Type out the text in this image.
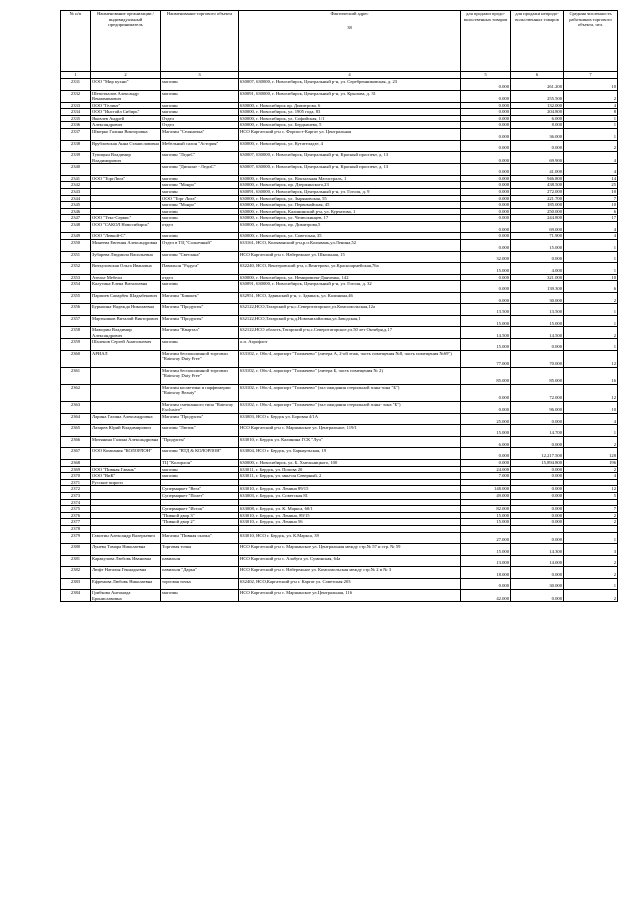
№ п/п	Наименование организации / индивидуальный предприниматель	Наименование торгового объекта	Фактический адрес
38	для продажи продо-вольственных товаров	для продажи непродо-вольственных товаров	Средняя численность работников торгового объекта, чел.
1	2	3	4	5	6	7
2331	ООО "Мир кухни"	магазин	630007, 630000, г. Новосибирск, Центральный р-н, ул. Серебренниковская, д. 23	0.000	261.200	10
2332	Шепоткалов Александр Вениаминович	магазин	630091, 630000, г. Новосибирск, Центральный р-н, ул. Крылова, д. 31	0.000	255.500	2
2333	ООО "Гелинт"	магазин	630000, г. Новосибирск пр. Димитрова, 6	0.000	132.000	4
2334	ООО "Инстайл Сибирь"	магазин	630000, г. Новосибирск, ул. 1905 года, 83	0.000	204.800	8
2335	Яковлев Андрей	Отдел	630000, г. Новосибирск, ул. Софийская, 1/1	0.000	6.000	1
2336	Александрович	Отдел	630000, г. Новосибирск, ул. Бердышева, 5	0.000	8.000	1
2337	Шмерко Галина Викторовна	Магазин "Селяночка"	НСО Каргатский р-н с. Форпост-Каргат ул. Центральная	0.000	36.000	1
2338	Врубловская Анна Станиславовна	Мебельный салон "Астория"	630000, г. Новосибирск, ул. Кутателадзе, 4	0.000	0.000	2
2339	Тупицын Владимир Владимирович	магазин "ЛедиС"	630007, 630000, г. Новосибирск, Центральный р-н, Красный проспект, д. 13	0.000	69.900	4
2340		магазин "Дисконт - ЛедиС"	630007, 630000, г. Новосибирск, Центральный р-н, Красный проспект, д. 13	0.000	41.000	4
2341	ООО "ТоргЛига"	магазин	630000, г. Новосибирск, ул. Вокзальная Магистраль, 1	0.000	946.800	14
2342		магазин "Монро"	630000, г. Новосибирск, пр. Дзержинского,23	0.000	438.500	25
2343		магазин	630091, 630000, г. Новосибирск, Центральный р-н, ул. Гоголя, д. 9	0.000	272.000	10
2344		ООО "Торг Лига"	630000, г. Новосибирск, ул. Зыряновская, 55	0.000	221.700	7
2345		магазин "Монро"	630000, г. Новосибирск, ул. Первомайская, 45	0.000	185.000	10
2346		магазин	630000, г. Новосибирск, Калининский р-н, ул. Курчатова, 1	0.000	250.000	6
2347	ООО "Текс-Сервис"	магазин	630000, г. Новосибирск, ул. Челюскинцев, 17	0.000	244.800	17
2348	ООО "САКОЛ Новосибирск"	отдел	630000, г. Новосибирск, пр. Димитрова,5	0.000	69.000	4
2349	ООО "Левкой-С"	магазин	630000, г. Новосибирск, ул. Советская, 35	0.000	71.900	4
2350	Минеева Евгения Александровна	Отдел в ТЦ "Солнечный"	633161, НСО, Колыванский р-н,р.п.Колывань,ул.Ленина,52	0.000	15.000	1
2351	Зубарева Людмила Васильевна	магазин "Светлана"	НСО Каргатский р-н с. Набережное ул. Школьная, 15	32.000	0.000	1
2352	Виткуловская Ольга Ивановна	Павильон "Радуга"	632240, НСО, Венгеровский р-н, с.Венгерово, ул.Красноармейская,76а	15.000	4.000	1
2353	Ателье Мебели	отдел	630000, г. Новосибирск, ул. Немировича-Данченко, 142	0.000	321.000	10
2354	Калугина Елена Витальевна	магазин	630091, 630000, г. Новосибирск, Центральный р-н, ул. Гоголя, д. 32	0.000	139.300	6
2355	Парпиев Сапарбек Шадыбекович	Магазин "Бишкек"	632951, НСО, Здвинский р-н, с. Здвинск, ул. Калинина,46	0.000	30.000	2
2356	Бурыкина Надежда Николаевна	Магазин "Продукты"	632122,НСО,Татарский р-н,с.Северотатарское,ул.Комсомольская,12а	13.500	13.500	1
2357	Мартышков Виталий Викторович	Магазин "Продукты"	632122,НСО,Татарский р-н,д.Новомихайловка,ул.Заводская,1	15.000	15.000	1
2358	Мажорин Владимир Александрович	Магазин "Квартал"	632122,НСО область,Татарский р-н,с.Северотатарское,ул.50 лет Октября,д.17	14.500	14.500	2
2359	Шаленов Сергей Анатольевич	магазин	о.п. Аэрофлот	15.000	0.000	1
2360	АРИАЛ	Магазин беспошлинной торговли "Rainway Duty Free"	633102, г. Обь-4, аэропорт "Толмачево" (литера А, 2-ой этаж, часть помещения №8, часть помещения №69")	77.000	70.000	12
2361		Магазин беспошлинной торговли "Rainway Duty Free"	633102, г. Обь-4, аэропорт "Толмачево" (литера Б, часть помещения № 2)	85.000	85.000	16
2362		Магазин косметики и парфюмерии "Rainway Beauty"	633102, г. Обь-4, аэропорт "Толмачево" (зал ожидания стерильной зоны-зона "Б")	0.000	72.000	12
2363		Магазин смешанного типа "Rainway Exclusive"	633102, г. Обь-4, аэропорт "Толмачево" (зал ожидания стерильной зоны- зона "Б")	0.000	96.000	10
2364	Ларина Галина Александровна	Магазин "Продукты"	633003, НСО г. Бердск ул. Боровая 4/1А	25.000	0.000	4
2365	Лазарев Юрий Владимирович	магазин "Лютик"	НСО Каргатский р-н с. Маршанское ул. Центральное, 119/1	15.000	14.700	1
2366	Митянина Галина Александровна	"Продукты"	633010, г. Бердск ул. Калинина ГСК "Луч"	6.000	0.000	2
2367	ООО Компания "КОЛОРЛОН"	магазин "ВТД & КОЛОРЛОН"	633004, НСО г. Бердск, ул. Барнаульская, 19	0.000	12,217.500	128
2368		ТЦ "Колорлон"	630000, г. Новосибирск, ул. Б. Хмельницкого, 100	0.000	15,894.800	196
2369	ООО "Пивная Гавань"	магазин	633011, г. Бердск, ул. Попова 20	24.000	0.000	2
2370	ООО "ВиК"	магазин	633011, г. Бердск, ул. мкн-он Северный, 2	7.000	0.000	4
2371	Русские пироги					
2372		Супермаркет "Вега"	633010, г. Бердск, ул. Ленина 89/15	148.000	0.000	12
2373		Супермаркет "Полет"	633003, г. Бердск, ул. Советская 81	49.000	0.000	5
2374						
2375		Супермаркет "Исток"	633008, г. Бердск, ул. К. Маркса, 60/1	82.000	0.000	7
2376		"Пивной двор 3"	633010, г. Бердск, ул. Ленина, 89/15	15.000	0.000	2
2377		"Пивной двор 2"	633010, г. Бердск, ул. Ленина 56	15.000	0.000	2
2378						
2379	Гамотин Александр Валерьевич	Магазин "Пивная сказка"	633010, НСО г. Бердск, ул. К.Маркса, 39	27.000	0.000	1
2380	Лунева Тамара Николаевна	Торговая точка	НСО Каргатский р-н с. Маршанское ул. Центральная между стр.№ 57 и стр. № 59	15.000	14.300	3
2381	Каракулова Любовь Ивановна	павильон	НСО Каргатский р-н с. Алабуга ул. Суминская, 64а	13.000	14.000	2
2382	Люфт Наталья Геннадьевна	павильон "Дарья"	НСО Каргатский р-н с. Набережное ул. Комсомольская между стр.№ 2 и № 3	18.000	0.000	2
2383	Ефремова Любовь Николаевна	торговая точка	632402, НСО,Каргатский р-н г. Каргат ул. Советская 203	0.000	30.000	1
2384	Грибкова Антонида Брониславовна	магазин	НСО Каргатский р-н с. Маршанское ул.Центральная, 116	42.000	0.000	2
